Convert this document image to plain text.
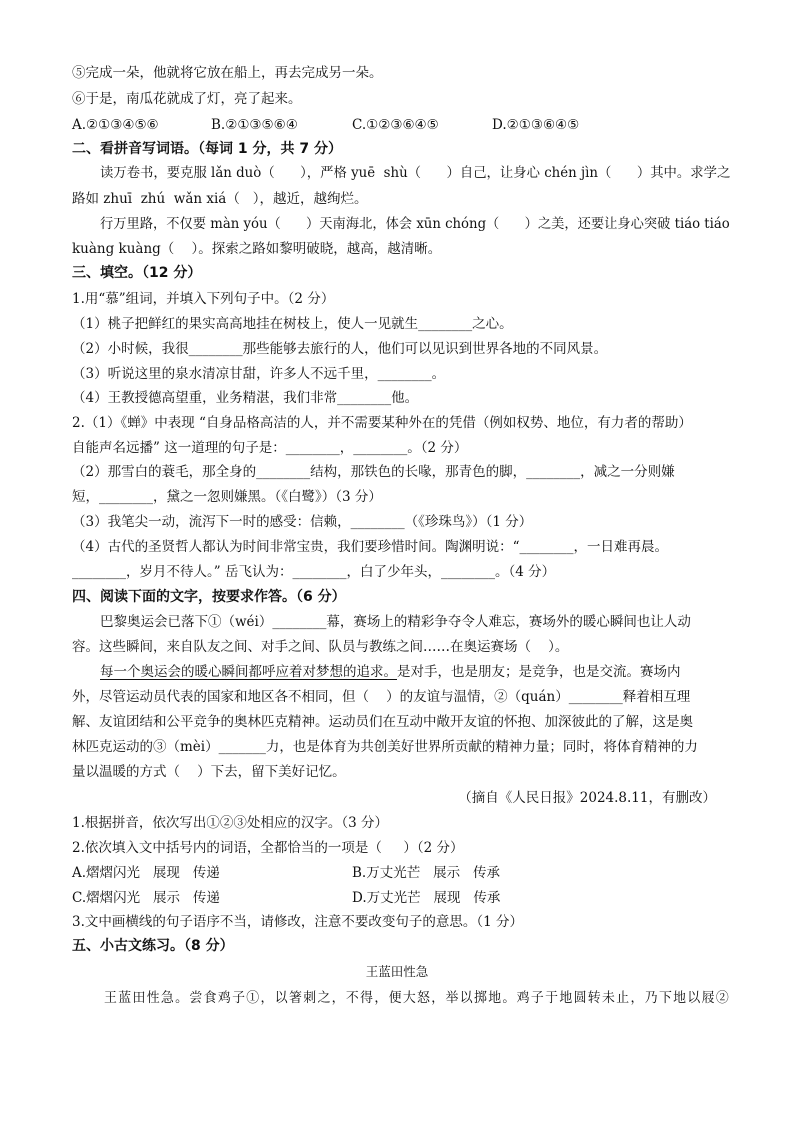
⑤完成一朵，他就将它放在船上，再去完成另一朵。
⑥于是，南瓜花就成了灯，亮了起来。
A.②①③④⑤⑥	B.②①③⑤⑥④	C.①②③⑥④⑤	D.②①③⑥④⑤
二、看拼音写词语。（每词 1 分，共 7 分）
读万卷书，要克服 lǎn duò（      ），严格 yuē  shù（      ）自己，让身心 chén jìn（      ）其中。求学之
路如 zhuī  zhú  wǎn xiá（   ），越近，越绚烂。
行万里路，不仅要 màn yóu（      ）天南海北，体会 xūn chóng（      ）之美，还要让身心突破 tiáo tiáo
kuàng kuàng（    ）。探索之路如黎明破晓，越高，越清晰。
三、填空。（12 分）
1.用“慕”组词，并填入下列句子中。（2 分）
（1）桃子把鲜红的果实高高地挂在树枝上，使人一见就生________之心。
（2）小时候，我很________那些能够去旅行的人，他们可以见识到世界各地的不同风景。
（3）听说这里的泉水清凉甘甜，许多人不远千里，________。
（4）王教授德高望重，业务精湛，我们非常________他。
2.（1）《蝉》中表现 “自身品格高洁的人，并不需要某种外在的凭借（例如权势、地位，有力者的帮助）
自能声名远播” 这一道理的句子是：________，________。（2 分）
（2）那雪白的蓑毛，那全身的________结构，那铁色的长喙，那青色的脚，________，减之一分则嫌
短，________，黛之一忽则嫌黑。（《白鹭》）（3 分）
（3）我笔尖一动，流泻下一时的感受：信赖，________（《珍珠鸟》）（1 分）
（4）古代的圣贤哲人都认为时间非常宝贵，我们要珍惜时间。陶渊明说：“________，一日难再晨。
________，岁月不待人。” 岳飞认为：________，白了少年头，________。（4 分）
四、阅读下面的文字，按要求作答。（6 分）
巴黎奥运会已落下①（wéi）________幕，赛场上的精彩争夺令人难忘，赛场外的暖心瞬间也让人动
容。这些瞬间，来自队友之间、对手之间、队员与教练之间……在奥运赛场（    ）。
每一个奥运会的暖心瞬间都呼应着对梦想的追求。是对手，也是朋友；是竞争，也是交流。赛场内
外，尽管运动员代表的国家和地区各不相同，但（    ）的友谊与温情，②（quán）________释着相互理
解、友谊团结和公平竞争的奥林匹克精神。运动员们在互动中敞开友谊的怀抱、加深彼此的了解，这是奥
林匹克运动的③（mèi）_______力，也是体育为共创美好世界所贡献的精神力量；同时，将体育精神的力
量以温暖的方式（    ）下去，留下美好记忆。
（摘自《人民日报》2024.8.11，有删改）
1.根据拼音，依次写出①②③处相应的汉字。（3 分）
2.依次填入文中括号内的词语，全都恰当的一项是（     ）（2 分）
A.熠熠闪光   展现   传递	B.万丈光芒   展示   传承
C.熠熠闪光   展示   传递	D.万丈光芒   展现   传承
3.文中画横线的句子语序不当，请修改，注意不要改变句子的意思。（1 分）
五、小古文练习。（8 分）
王蓝田性急
王蓝田性急。尝食鸡子①，以箸刺之，不得，便大怒，举以掷地。鸡子于地圆转未止，乃下地以屐②
